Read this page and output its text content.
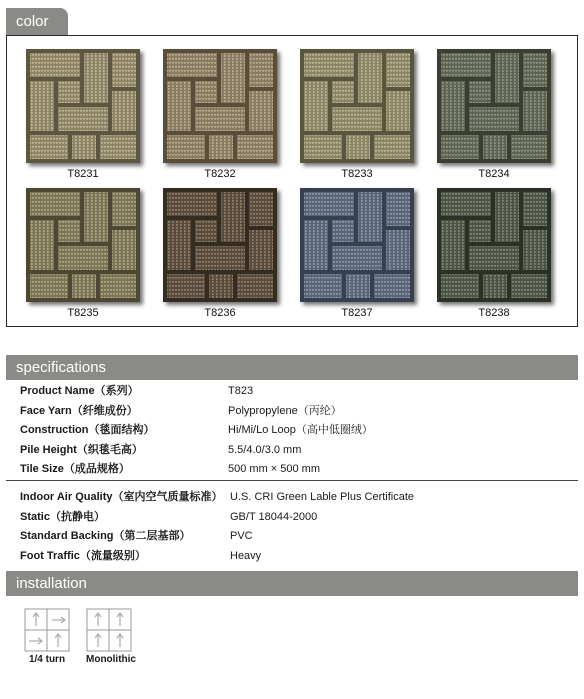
color
T8231	T8232	T8233	T8234
T8235	T8236	T8237	T8238
specifications
Product Name（系列）	T823
Face Yarn（纤维成份）	Polypropylene（丙纶）
Construction（毯面结构）	Hi/Mi/Lo Loop（高中低圈绒）
Pile Height（织毯毛高）	5.5/4.0/3.0 mm
Tile Size（成品规格）	500 mm × 500 mm
Indoor Air Quality（室内空气质量标准） U.S. CRI Green Lable Plus Certificate
Static（抗静电）	GB/T 18044-2000
Standard Backing（第二层基部）	PVC
Foot Traffic（流量级别）	Heavy
installation
1/4 turn	Monolithic
